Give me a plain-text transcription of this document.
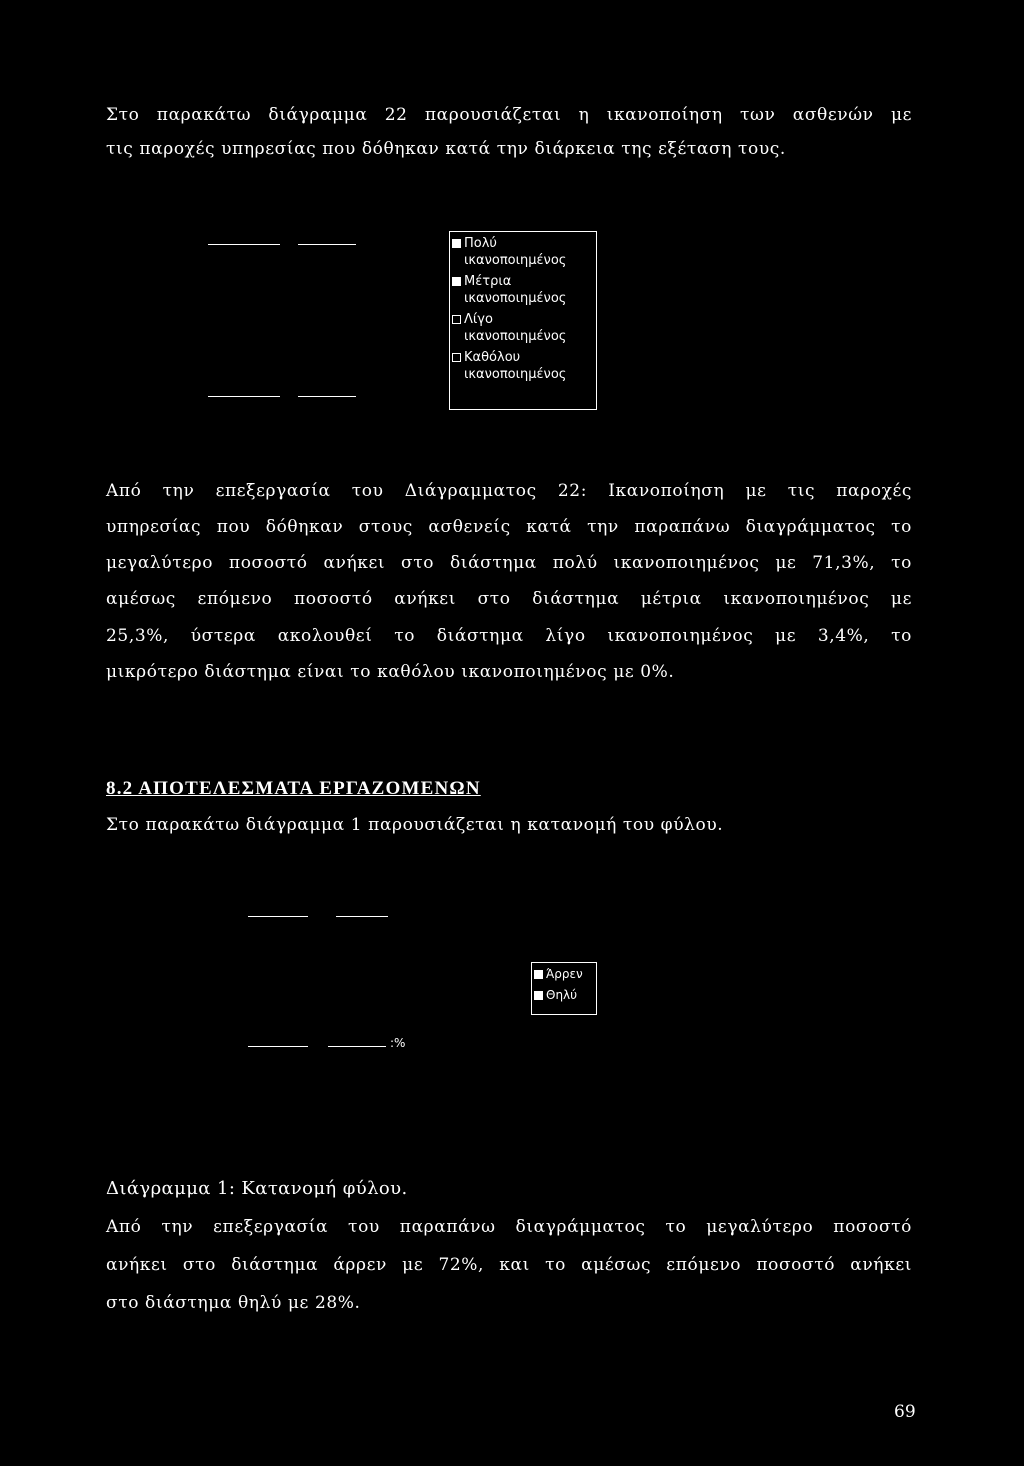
Στο παρακάτω διάγραμμα 22 παρουσιάζεται η ικανοποίηση των ασθενών με
τις παροχές υπηρεσίας που δόθηκαν κατά την διάρκεια της εξέταση τους.
Πολύ
ικανοποιημένος
Μέτρια
ικανοποιημένος
Λίγο
ικανοποιημένος
Καθόλου
ικανοποιημένος
Από την επεξεργασία του Διάγραμματος 22: Ικανοποίηση με τις παροχές
υπηρεσίας που δόθηκαν στους ασθενείς κατά την παραπάνω διαγράμματος το
μεγαλύτερο ποσοστό ανήκει στο διάστημα πολύ ικανοποιημένος με 71,3%, το
αμέσως επόμενο ποσοστό ανήκει στο διάστημα μέτρια ικανοποιημένος με
25,3%, ύστερα ακολουθεί το διάστημα λίγο ικανοποιημένος με 3,4%, το
μικρότερο διάστημα είναι το καθόλου ικανοποιημένος με 0%.
8.2 ΑΠΟΤΕΛΕΣΜΑΤΑ ΕΡΓΑΖΟΜΕΝΩΝ
Στο παρακάτω διάγραμμα 1 παρουσιάζεται η κατανομή του φύλου.
:%
Άρρεν
Θηλύ
Διάγραμμα 1: Κατανομή φύλου.
Από την επεξεργασία του παραπάνω διαγράμματος το μεγαλύτερο ποσοστό
ανήκει στο διάστημα άρρεν με 72%, και το αμέσως επόμενο ποσοστό ανήκει
στο διάστημα θηλύ με 28%.
69
